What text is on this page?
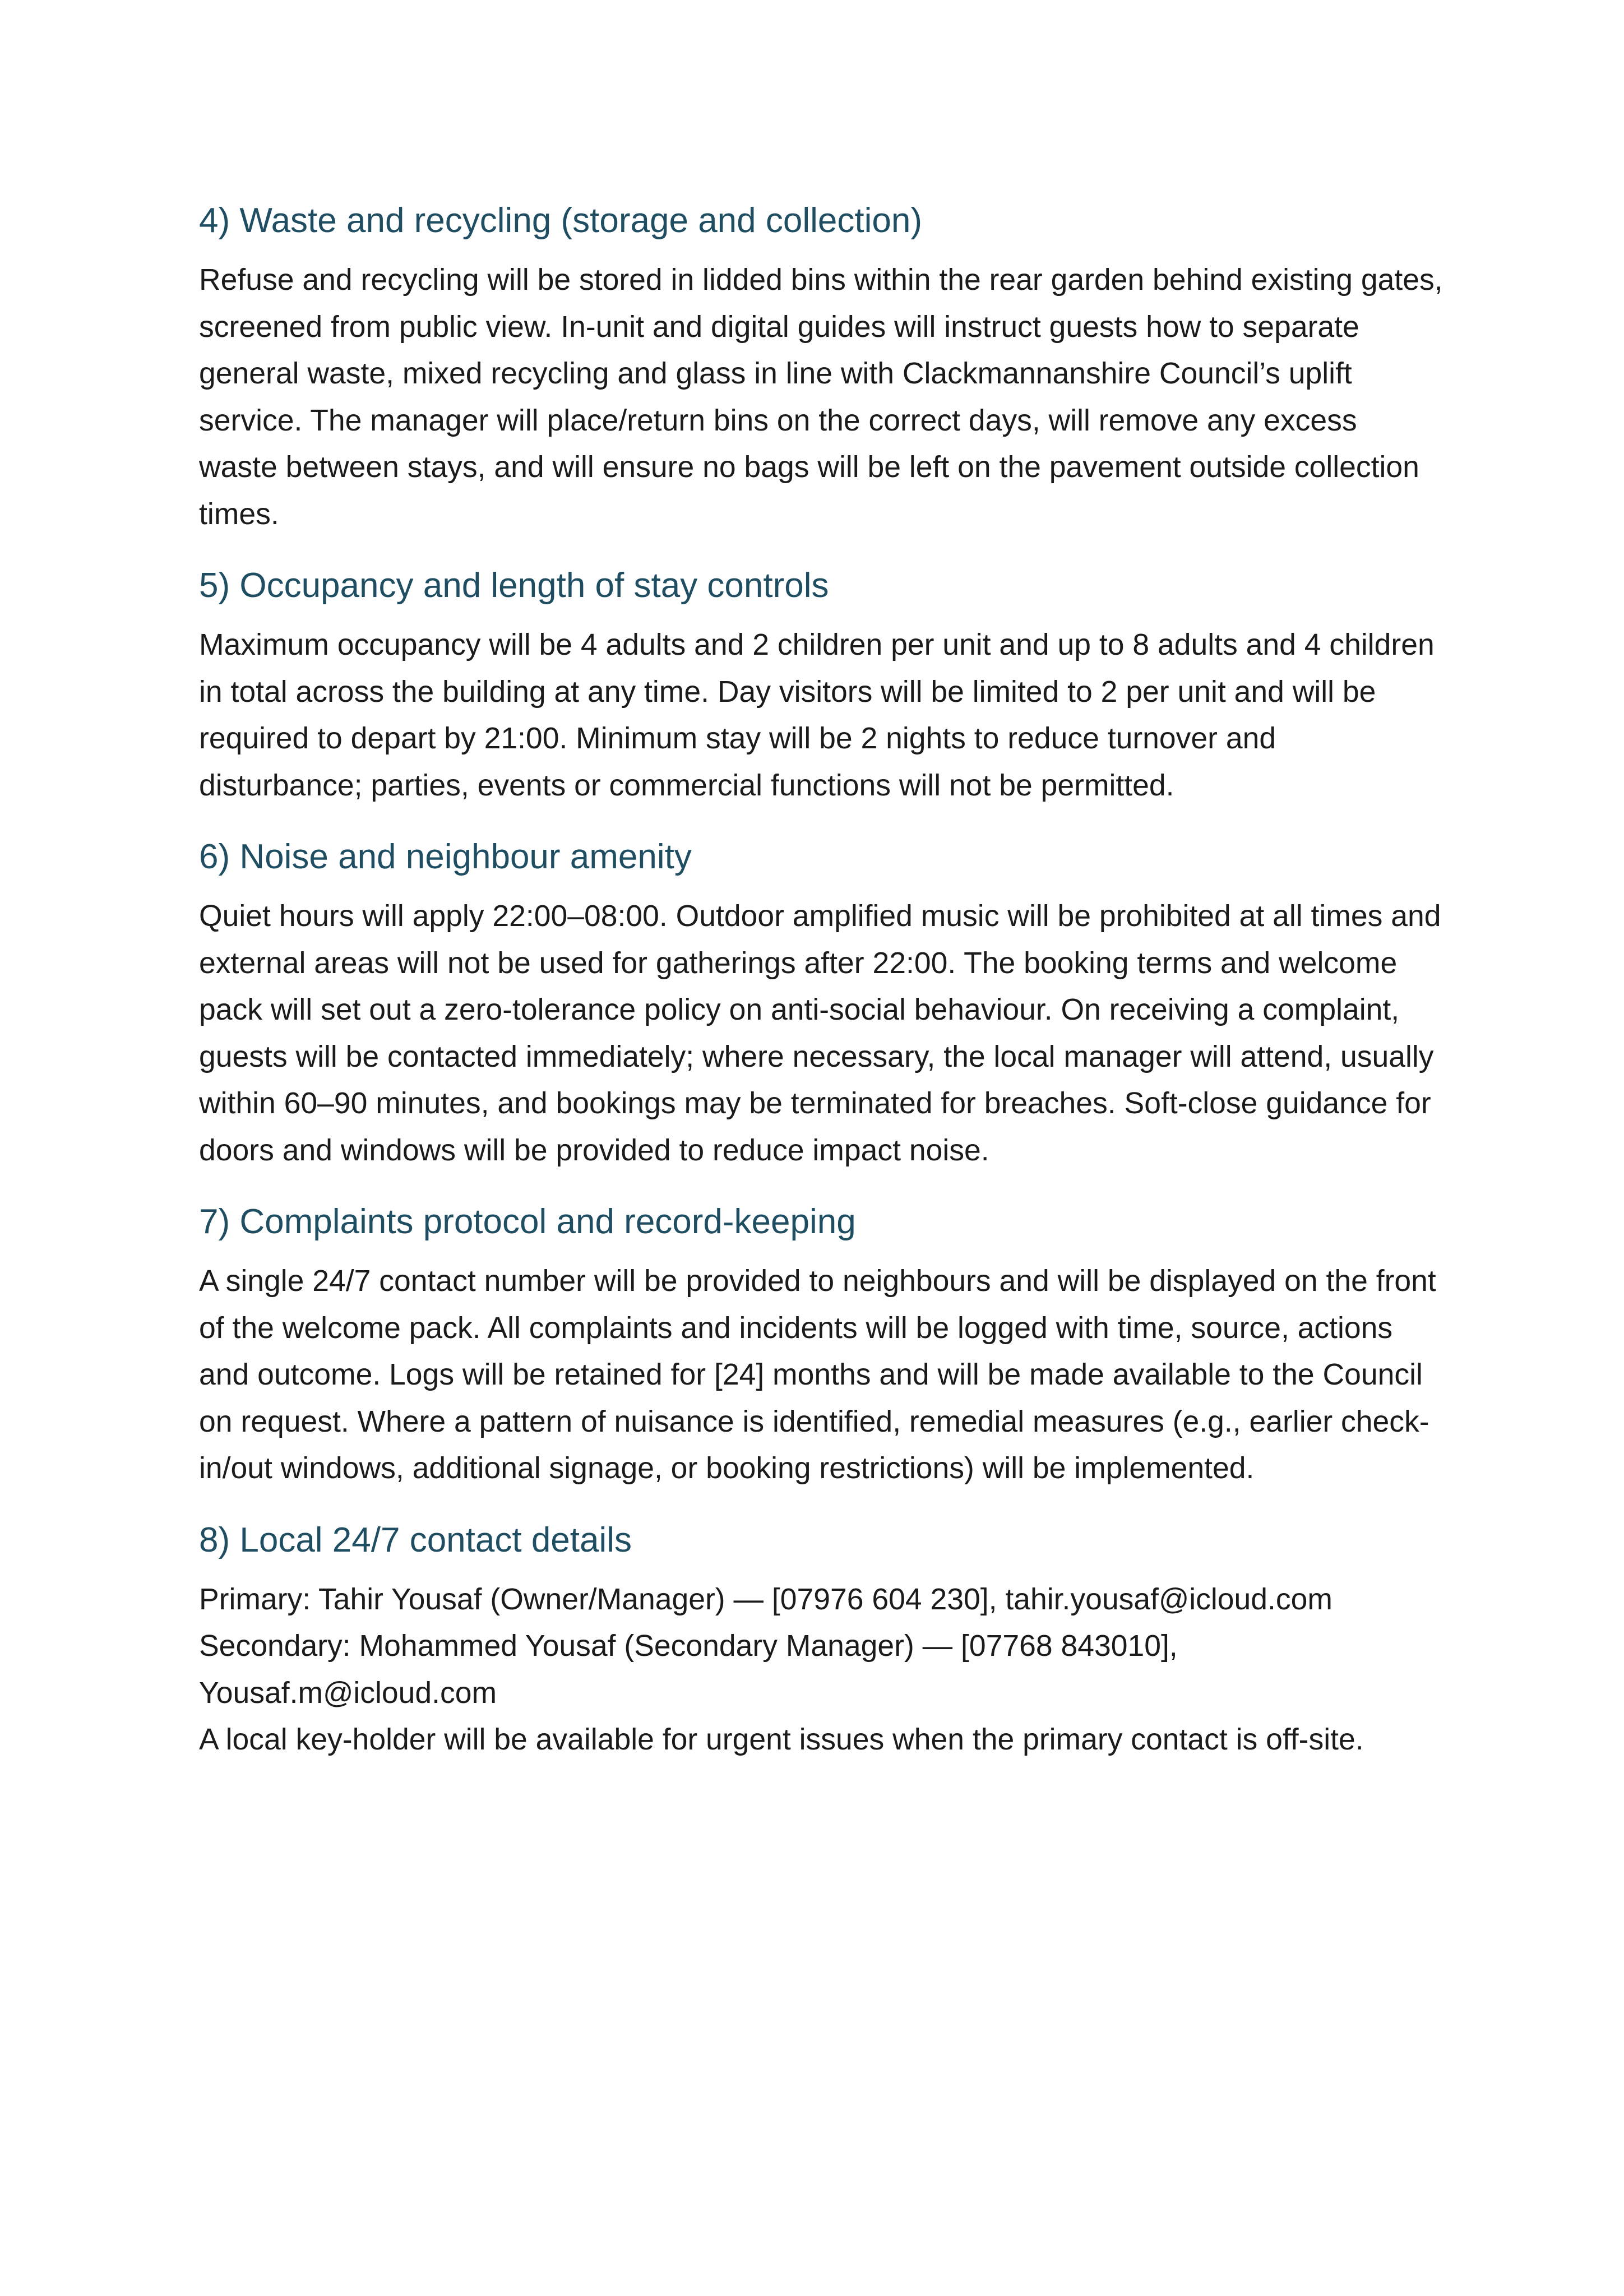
4) Waste and recycling (storage and collection)

Refuse and recycling will be stored in lidded bins within the rear garden behind existing gates, screened from public view. In-unit and digital guides will instruct guests how to separate general waste, mixed recycling and glass in line with Clackmannanshire Council’s uplift service. The manager will place/return bins on the correct days, will remove any excess waste between stays, and will ensure no bags will be left on the pavement outside collection times.

5) Occupancy and length of stay controls

Maximum occupancy will be 4 adults and 2 children per unit and up to 8 adults and 4 children in total across the building at any time. Day visitors will be limited to 2 per unit and will be required to depart by 21:00. Minimum stay will be 2 nights to reduce turnover and disturbance; parties, events or commercial functions will not be permitted.

6) Noise and neighbour amenity

Quiet hours will apply 22:00–08:00. Outdoor amplified music will be prohibited at all times and external areas will not be used for gatherings after 22:00. The booking terms and welcome pack will set out a zero-tolerance policy on anti-social behaviour. On receiving a complaint, guests will be contacted immediately; where necessary, the local manager will attend, usually within 60–90 minutes, and bookings may be terminated for breaches. Soft-close guidance for doors and windows will be provided to reduce impact noise.

7) Complaints protocol and record-keeping

A single 24/7 contact number will be provided to neighbours and will be displayed on the front of the welcome pack. All complaints and incidents will be logged with time, source, actions and outcome. Logs will be retained for [24] months and will be made available to the Council on request. Where a pattern of nuisance is identified, remedial measures (e.g., earlier check-in/out windows, additional signage, or booking restrictions) will be implemented.

8) Local 24/7 contact details

Primary: Tahir Yousaf (Owner/Manager) — [07976 604 230], tahir.yousaf@icloud.com

Secondary: Mohammed Yousaf (Secondary Manager) — [07768 843010], Yousaf.m@icloud.com

A local key-holder will be available for urgent issues when the primary contact is off-site.
